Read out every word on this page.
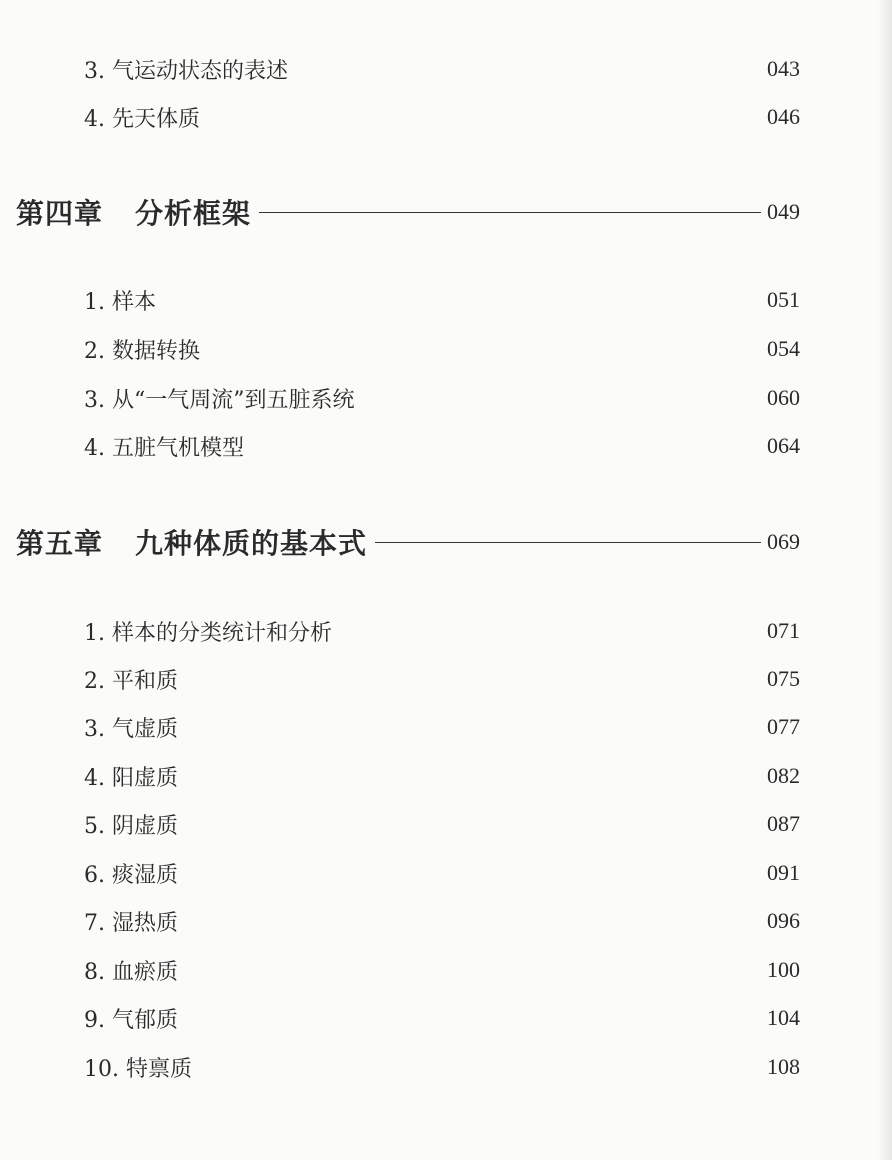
3. 气运动状态的表述	043
4. 先天体质	046
第四章 分析框架	049
1. 样本	051
2. 数据转换	054
3. 从“一气周流”到五脏系统	060
4. 五脏气机模型	064
第五章 九种体质的基本式	069
1. 样本的分类统计和分析	071
2. 平和质	075
3. 气虚质	077
4. 阳虚质	082
5. 阴虚质	087
6. 痰湿质	091
7. 湿热质	096
8. 血瘀质	100
9. 气郁质	104
10. 特禀质	108
